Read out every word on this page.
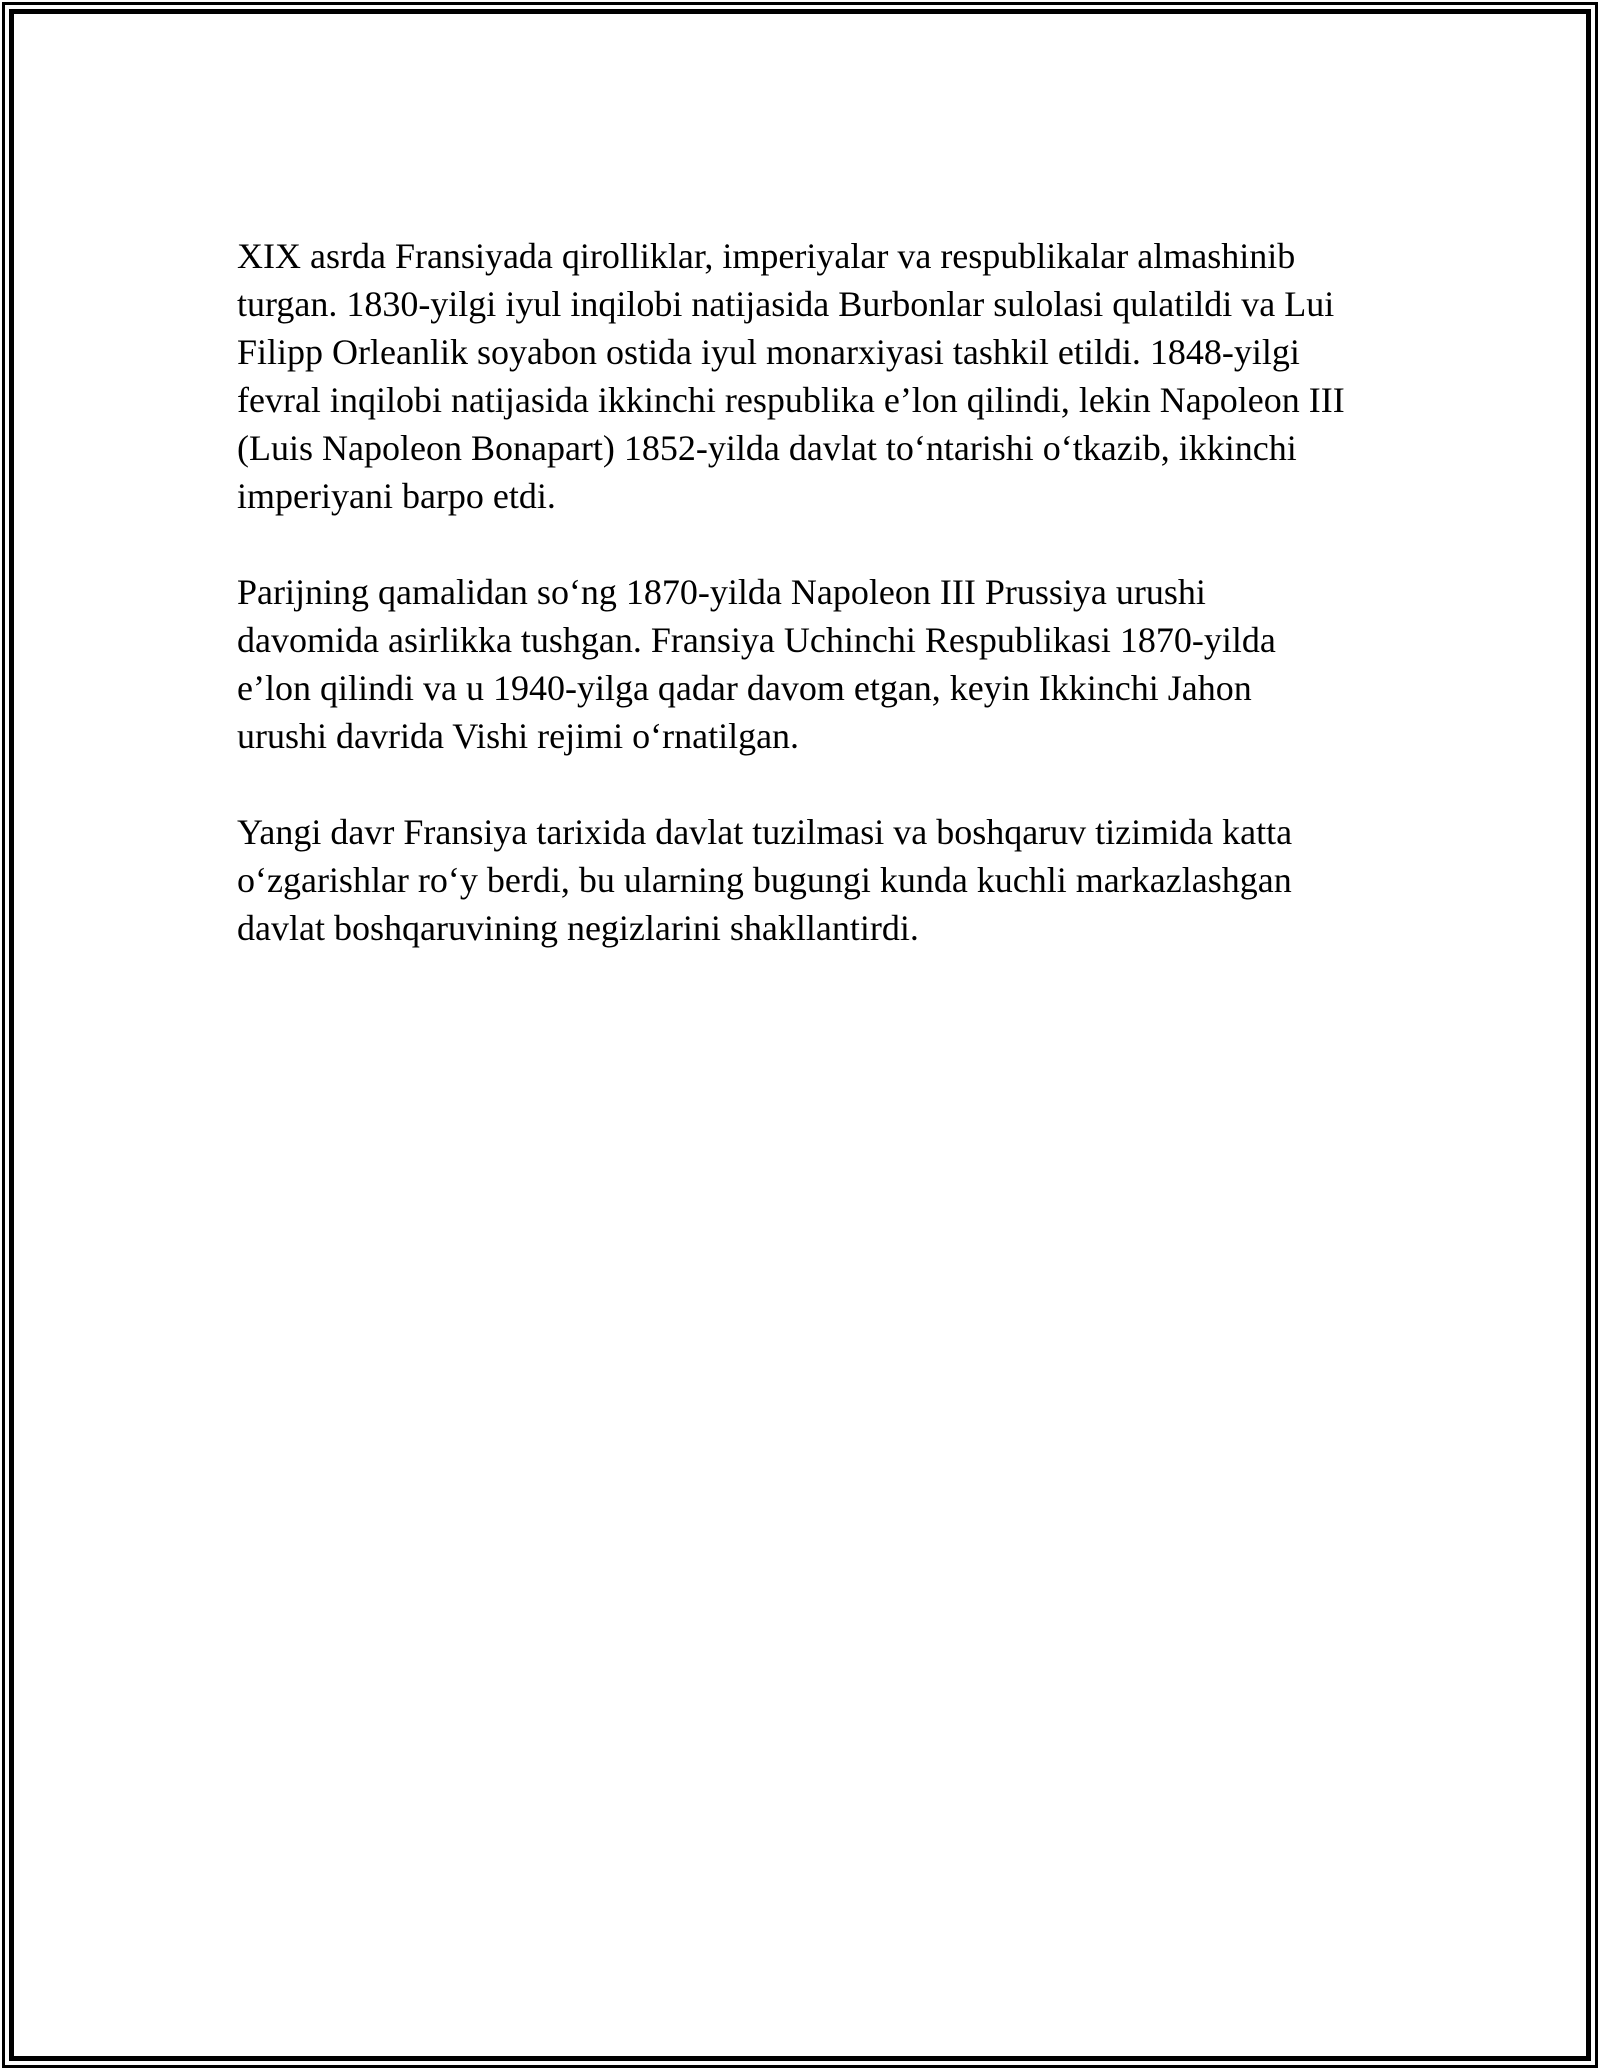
XIX asrda Fransiyada qirolliklar, imperiyalar va respublikalar almashinib
turgan. 1830-yilgi iyul inqilobi natijasida Burbonlar sulolasi qulatildi va Lui
Filipp Orleanlik soyabon ostida iyul monarxiyasi tashkil etildi. 1848-yilgi
fevral inqilobi natijasida ikkinchi respublika e’lon qilindi, lekin Napoleon III
(Luis Napoleon Bonapart) 1852-yilda davlat toʻntarishi oʻtkazib, ikkinchi
imperiyani barpo etdi.
Parijning qamalidan soʻng 1870-yilda Napoleon III Prussiya urushi
davomida asirlikka tushgan. Fransiya Uchinchi Respublikasi 1870-yilda
e’lon qilindi va u 1940-yilga qadar davom etgan, keyin Ikkinchi Jahon
urushi davrida Vishi rejimi oʻrnatilgan.
Yangi davr Fransiya tarixida davlat tuzilmasi va boshqaruv tizimida katta
oʻzgarishlar roʻy berdi, bu ularning bugungi kunda kuchli markazlashgan
davlat boshqaruvining negizlarini shakllantirdi.
